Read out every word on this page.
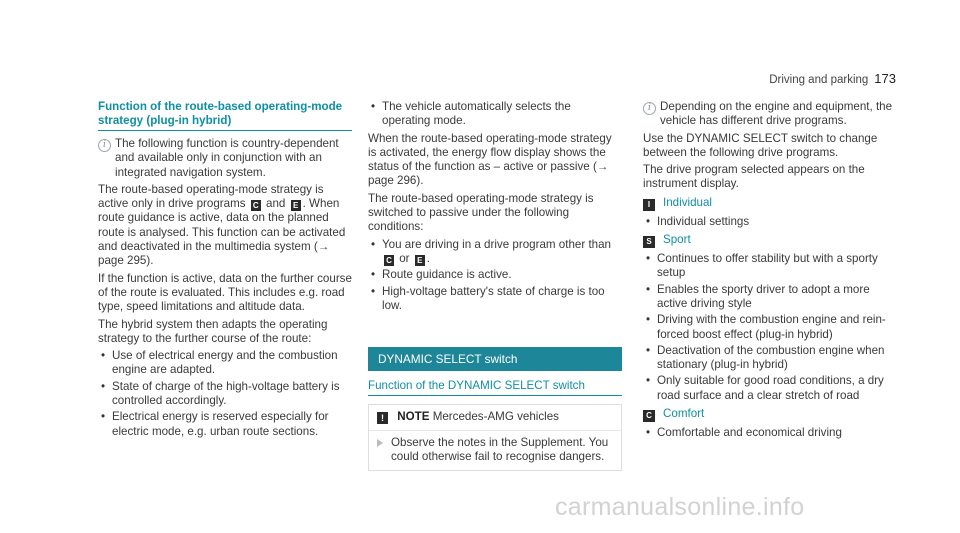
Driving and parking 173
Function of the route-based operating-mode strategy (plug-in hybrid)
i The following function is country-dependent and available only in conjunction with an integrated navigation system.

The route-based operating-mode strategy is active only in drive programs C and E . When route guidance is active, data on the planned route is analysed. This function can be activated and deactivated in the multimedia system (→ page 295).

If the function is active, data on the further course of the route is evaluated. This includes e.g. road type, speed limitations and altitude data.

The hybrid system then adapts the operating strategy to the further course of the route:

• Use of electrical energy and the combustion engine are adapted.
• State of charge of the high-voltage battery is controlled accordingly.
• Electrical energy is reserved especially for electric mode, e.g. urban route sections.
• The vehicle automatically selects the operating mode.

When the route-based operating-mode strategy is activated, the energy flow display shows the status of the function as – active or passive (→ page 296).

The route-based operating-mode strategy is switched to passive under the following conditions:

• You are driving in a drive program other than C or E .
• Route guidance is active.
• High-voltage battery's state of charge is too low.
DYNAMIC SELECT switch
Function of the DYNAMIC SELECT switch
! NOTE Mercedes-AMG vehicles
Observe the notes in the Supplement. You could otherwise fail to recognise dangers.
i Depending on the engine and equipment, the vehicle has different drive programs.

Use the DYNAMIC SELECT switch to change between the following drive programs.

The drive program selected appears on the instrument display.

I Individual
• Individual settings
S Sport
• Continues to offer stability but with a sporty setup
• Enables the sporty driver to adopt a more active driving style
• Driving with the combustion engine and rein-forced boost effect (plug-in hybrid)
• Deactivation of the combustion engine when stationary (plug-in hybrid)
• Only suitable for good road conditions, a dry road surface and a clear stretch of road
C Comfort
• Comfortable and economical driving
carmanualsonline.info
